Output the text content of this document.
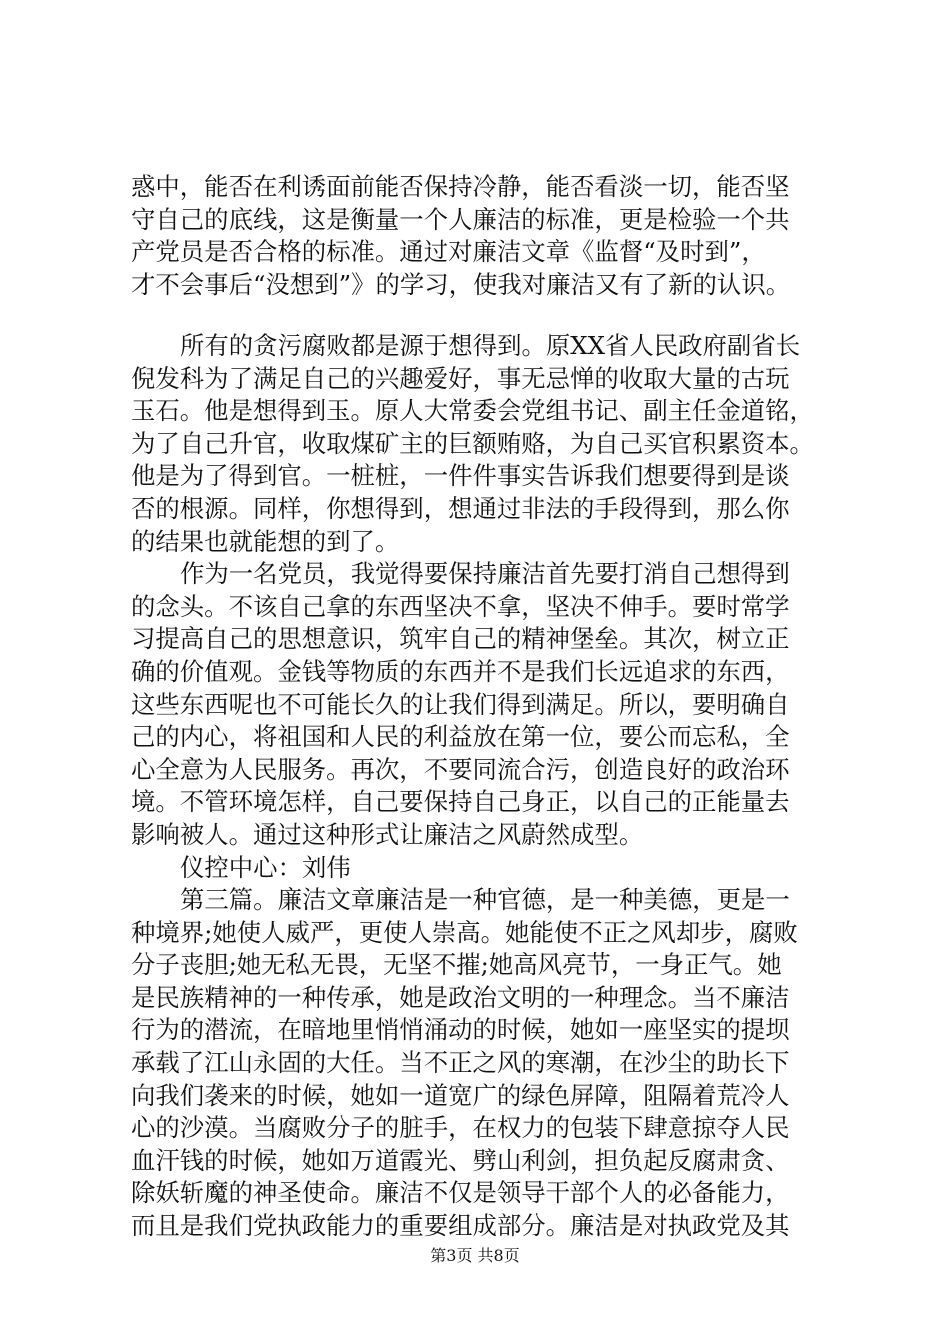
惑中，能否在利诱面前能否保持冷静，能否看淡一切，能否坚
守自己的底线，这是衡量一个人廉洁的标准，更是检验一个共
产党员是否合格的标准。通过对廉洁文章《监督“及时到”，
才不会事后“没想到”》的学习，使我对廉洁又有了新的认识。
所有的贪污腐败都是源于想得到。原XX省人民政府副省长
倪发科为了满足自己的兴趣爱好，事无忌惮的收取大量的古玩
玉石。他是想得到玉。原人大常委会党组书记、副主任金道铭，
为了自己升官，收取煤矿主的巨额贿赂，为自己买官积累资本。
他是为了得到官。一桩桩，一件件事实告诉我们想要得到是谈
否的根源。同样，你想得到，想通过非法的手段得到，那么你
的结果也就能想的到了。
作为一名党员，我觉得要保持廉洁首先要打消自己想得到
的念头。不该自己拿的东西坚决不拿，坚决不伸手。要时常学
习提高自己的思想意识，筑牢自己的精神堡垒。其次，树立正
确的价值观。金钱等物质的东西并不是我们长远追求的东西，
这些东西呢也不可能长久的让我们得到满足。所以，要明确自
己的内心，将祖国和人民的利益放在第一位，要公而忘私，全
心全意为人民服务。再次，不要同流合污，创造良好的政治环
境。不管环境怎样，自己要保持自己身正，以自己的正能量去
影响被人。通过这种形式让廉洁之风蔚然成型。
仪控中心：刘伟
第三篇。廉洁文章廉洁是一种官德，是一种美德，更是一
种境界;她使人威严，更使人崇高。她能使不正之风却步，腐败
分子丧胆;她无私无畏，无坚不摧;她高风亮节，一身正气。她
是民族精神的一种传承，她是政治文明的一种理念。当不廉洁
行为的潜流，在暗地里悄悄涌动的时候，她如一座坚实的提坝
承载了江山永固的大任。当不正之风的寒潮，在沙尘的助长下
向我们袭来的时候，她如一道宽广的绿色屏障，阻隔着荒冷人
心的沙漠。当腐败分子的脏手，在权力的包装下肆意掠夺人民
血汗钱的时候，她如万道霞光、劈山利剑，担负起反腐肃贪、
除妖斩魔的神圣使命。廉洁不仅是领导干部个人的必备能力，
而且是我们党执政能力的重要组成部分。廉洁是对执政党及其
第3页 共8页
